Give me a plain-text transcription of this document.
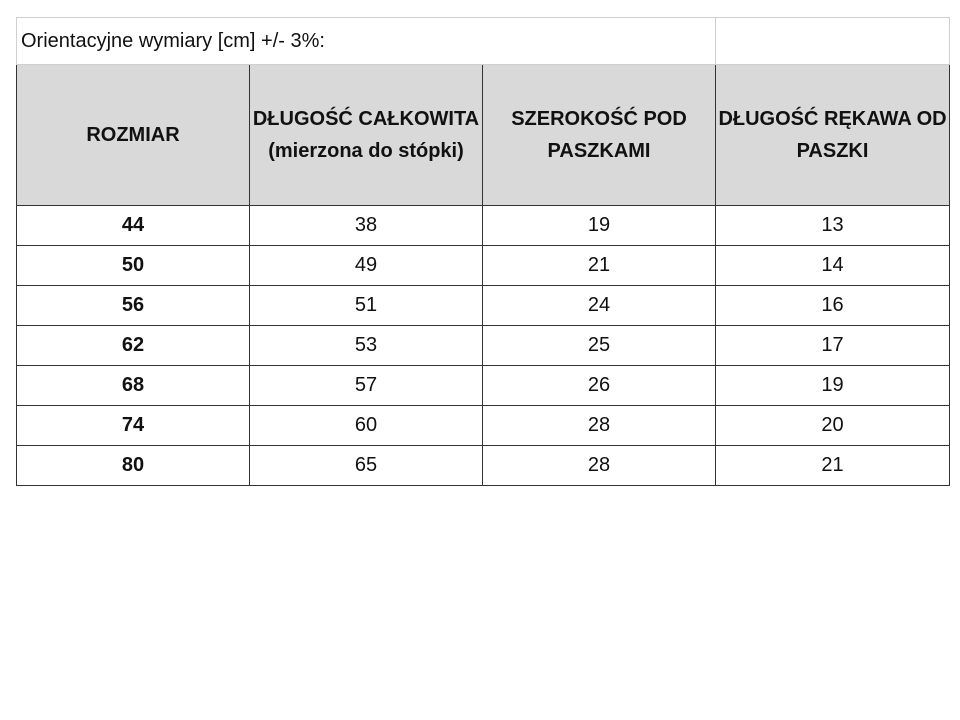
Orientacyjne wymiary [cm] +/- 3%:			
ROZMIAR	DŁUGOŚĆ CAŁKOWITA (mierzona do stópki)	SZEROKOŚĆ POD PASZKAMI	DŁUGOŚĆ RĘKAWA OD PASZKI
44	38	19	13
50	49	21	14
56	51	24	16
62	53	25	17
68	57	26	19
74	60	28	20
80	65	28	21
